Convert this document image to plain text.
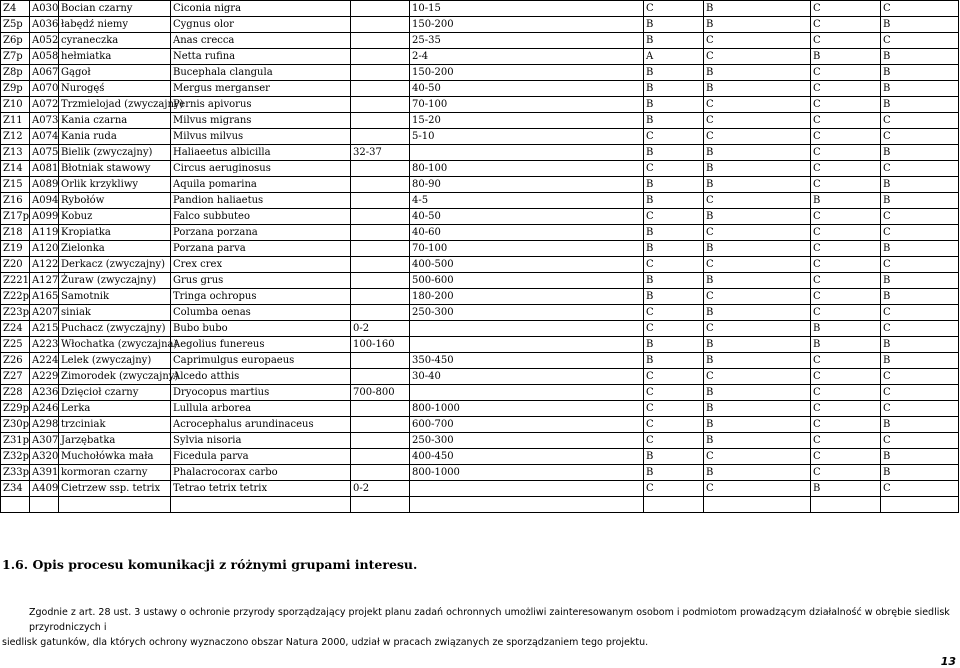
Z4	A030	Bocian czarny	Ciconia nigra		10-15	C	B	C	C
Z5p	A036	łabędź niemy	Cygnus olor		150-200	B	B	C	B
Z6p	A052	cyraneczka	Anas crecca		25-35	B	C	C	C
Z7p	A058	hełmiatka	Netta rufina		2-4	A	C	B	B
Z8p	A067	Gągoł	Bucephala clangula		150-200	B	B	C	B
Z9p	A070	Nurogęś	Mergus merganser		40-50	B	B	C	B
Z10	A072	Trzmielojad (zwyczajny)	Pernis apivorus		70-100	B	C	C	B
Z11	A073	Kania czarna	Milvus migrans		15-20	B	C	C	C
Z12	A074	Kania ruda	Milvus milvus		5-10	C	C	C	C
Z13	A075	Bielik (zwyczajny)	Haliaeetus albicilla	32-37		B	B	C	B
Z14	A081	Błotniak stawowy	Circus aeruginosus		80-100	C	B	C	C
Z15	A089	Orlik krzykliwy	Aquila pomarina		80-90	B	B	C	B
Z16	A094	Rybołów	Pandion haliaetus		4-5	B	C	B	B
Z17p	A099	Kobuz	Falco subbuteo		40-50	C	B	C	C
Z18	A119	Kropiatka	Porzana porzana		40-60	B	C	C	C
Z19	A120	Zielonka	Porzana parva		70-100	B	B	C	B
Z20	A122	Derkacz (zwyczajny)	Crex crex		400-500	C	C	C	C
Z221	A127	Żuraw (zwyczajny)	Grus grus		500-600	B	B	C	B
Z22p	A165	Samotnik	Tringa ochropus		180-200	B	C	C	B
Z23p	A207	siniak	Columba oenas		250-300	C	B	C	C
Z24	A215	Puchacz (zwyczajny)	Bubo bubo	0-2		C	C	B	C
Z25	A223	Włochatka (zwyczajna)	Aegolius funereus	100-160		B	B	B	B
Z26	A224	Lelek (zwyczajny)	Caprimulgus europaeus		350-450	B	B	C	B
Z27	A229	Zimorodek (zwyczajny)	Alcedo atthis		30-40	C	C	C	C
Z28	A236	Dzięcioł czarny	Dryocopus martius	700-800		C	B	C	C
Z29p	A246	Lerka	Lullula arborea		800-1000	C	B	C	C
Z30p	A298	trzciniak	Acrocephalus arundinaceus		600-700	C	B	C	B
Z31p	A307	Jarzębatka	Sylvia nisoria		250-300	C	B	C	C
Z32p	A320	Muchołówka mała	Ficedula parva		400-450	B	C	C	B
Z33p	A391	kormoran czarny	Phalacrocorax carbo		800-1000	B	B	C	B
Z34	A409	Cietrzew ssp. tetrix	Tetrao tetrix tetrix	0-2		C	C	B	C

1.6. Opis procesu komunikacji z różnymi grupami interesu.
Zgodnie z art. 28 ust. 3 ustawy o ochronie przyrody sporządzający projekt planu zadań ochronnych umożliwi zainteresowanym osobom i podmiotom prowadzącym działalność w obrębie siedlisk przyrodniczych i
siedlisk gatunków, dla których ochrony wyznaczono obszar Natura 2000, udział w pracach związanych ze sporządzaniem tego projektu.
13
